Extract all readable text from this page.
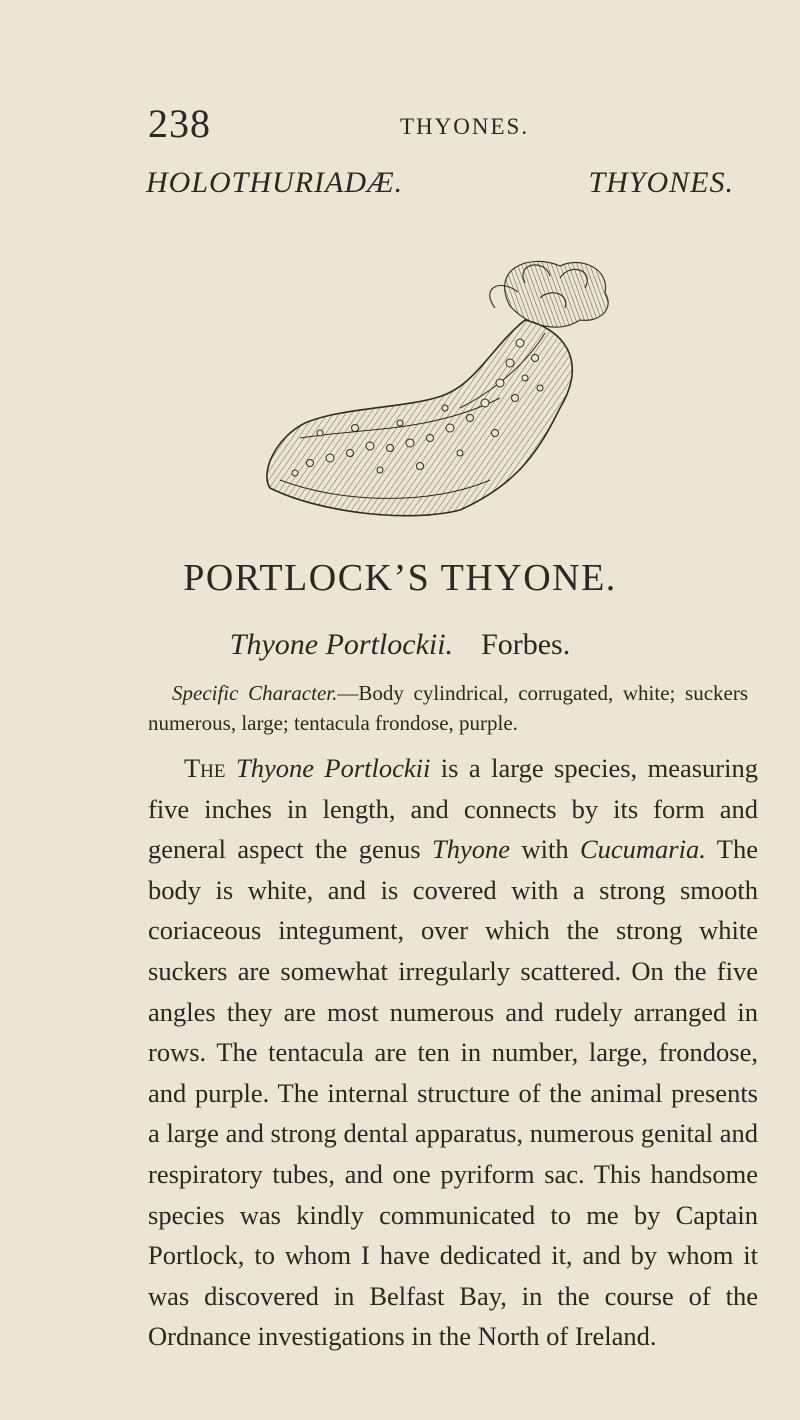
238	THYONES.
HOLOTHURIADÆ.	THYONES.
PORTLOCK’S THYONE.
Thyone Portlockii. Forbes.
Specific Character.—Body cylindrical, corrugated, white; suckers numerous, large; tentacula frondose, purple.
The Thyone Portlockii is a large species, measuring five inches in length, and connects by its form and general aspect the genus Thyone with Cucumaria. The body is white, and is covered with a strong smooth coriaceous integument, over which the strong white suckers are somewhat irregularly scattered. On the five angles they are most numerous and rudely arranged in rows. The tentacula are ten in number, large, frondose, and purple. The internal structure of the animal presents a large and strong dental apparatus, numerous genital and respiratory tubes, and one pyriform sac. This handsome species was kindly communicated to me by Captain Portlock, to whom I have dedicated it, and by whom it was discovered in Belfast Bay, in the course of the Ordnance investigations in the North of Ireland.
